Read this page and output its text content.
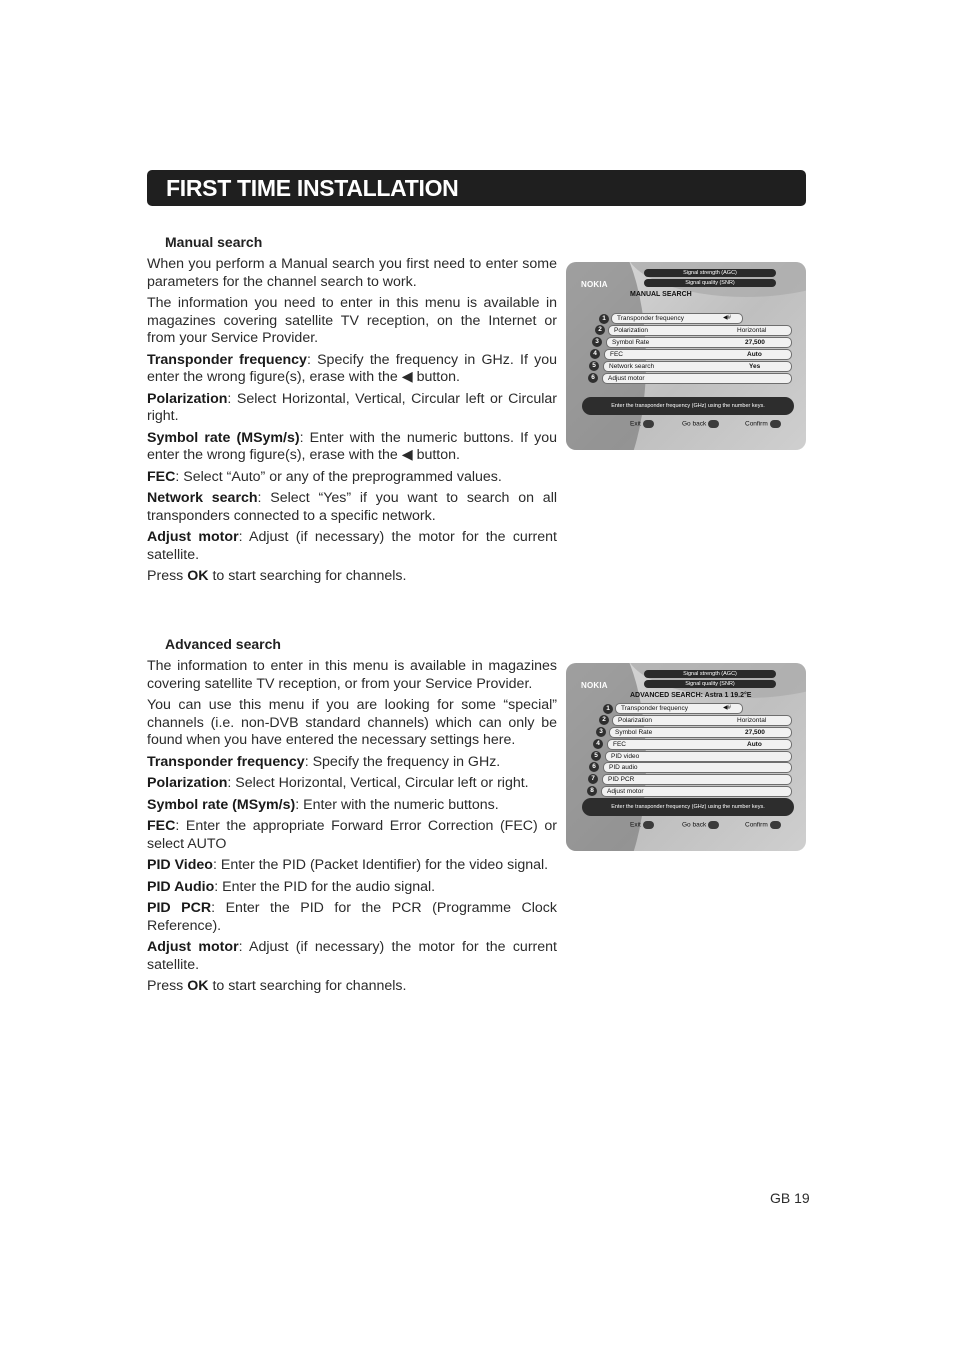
FIRST TIME INSTALLATION
Manual search

When you perform a Manual search you first need to enter some parameters for the channel search to work.

The information you need to enter in this menu is available in magazines covering satellite TV reception, on the Internet or from your Service Provider.

Transponder frequency: Specify the frequency in GHz. If you enter the wrong figure(s), erase with the ◀ button.

Polarization: Select Horizontal, Vertical, Circular left or Circular right.

Symbol rate (MSym/s): Enter with the numeric buttons. If you enter the wrong figure(s), erase with the ◀ button.

FEC: Select “Auto” or any of the preprogrammed values.

Network search: Select “Yes” if you want to search on all transponders connected to a specific network.

Adjust motor: Adjust (if necessary) the motor for the current satellite.

Press OK to start searching for channels.

NOKIA
Signal strength (AGC)
Signal quality (SNR)
MANUAL SEARCH
1	Transponder frequency	◀#
2	Polarization	Horizontal
3	Symbol Rate	27,500
4	FEC	Auto
5	Network search	Yes
6	Adjust motor
Enter the transponder frequency (GHz) using the number keys.
Exit	Go back	Confirm
Advanced search

The information to enter in this menu is available in magazines covering satellite TV reception, or from your Service Provider.

You can use this menu if you are looking for some “special” channels (i.e. non-DVB standard channels) which can only be found when you have entered the necessary settings here.

Transponder frequency: Specify the frequency in GHz.

Polarization: Select Horizontal, Vertical, Circular left or right.

Symbol rate (MSym/s): Enter with the numeric buttons.

FEC: Enter the appropriate Forward Error Correction (FEC) or select AUTO

PID Video: Enter the PID (Packet Identifier) for the video signal.

PID Audio: Enter the PID for the audio signal.

PID PCR: Enter the PID for the PCR (Programme Clock Reference).

Adjust motor: Adjust (if necessary) the motor for the current satellite.

Press OK to start searching for channels.

NOKIA
Signal strength (AGC)
Signal quality (SNR)
ADVANCED SEARCH: Astra 1 19.2°E
1	Transponder frequency	◀#
2	Polarization	Horizontal
3	Symbol Rate	27,500
4	FEC	Auto
5	PID video
6	PID audio
7	PID PCR
8	Adjust motor
Enter the transponder frequency (GHz) using the number keys.
Exit	Go back	Confirm
GB 19
